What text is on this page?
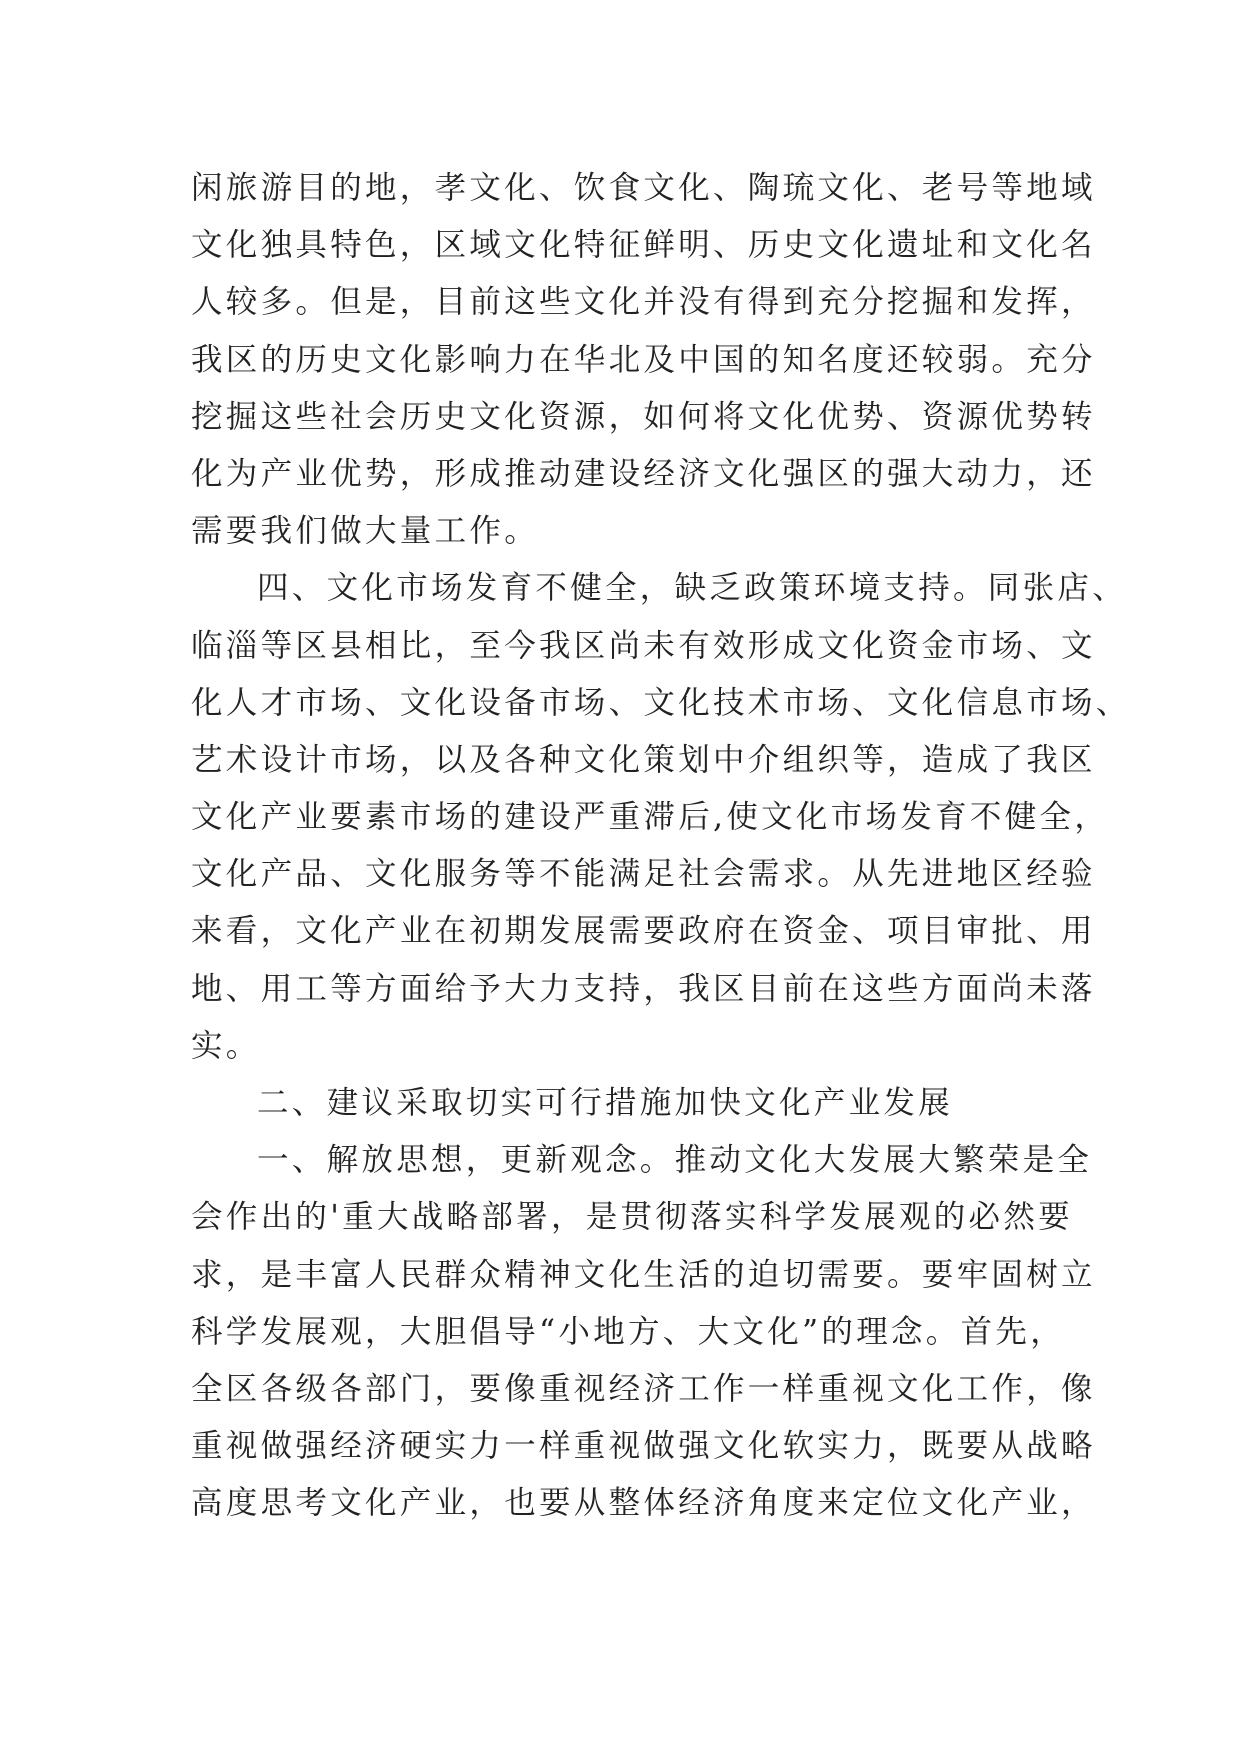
闲旅游目的地，孝文化、饮食文化、陶琉文化、老号等地域
文化独具特色，区域文化特征鲜明、历史文化遗址和文化名
人较多。但是，目前这些文化并没有得到充分挖掘和发挥，
我区的历史文化影响力在华北及中国的知名度还较弱。充分
挖掘这些社会历史文化资源，如何将文化优势、资源优势转
化为产业优势，形成推动建设经济文化强区的强大动力，还
需要我们做大量工作。
四、文化市场发育不健全，缺乏政策环境支持。同张店、
临淄等区县相比，至今我区尚未有效形成文化资金市场、文
化人才市场、文化设备市场、文化技术市场、文化信息市场、
艺术设计市场，以及各种文化策划中介组织等，造成了我区
文化产业要素市场的建设严重滞后,使文化市场发育不健全，
文化产品、文化服务等不能满足社会需求。从先进地区经验
来看，文化产业在初期发展需要政府在资金、项目审批、用
地、用工等方面给予大力支持，我区目前在这些方面尚未落
实。
二、建议采取切实可行措施加快文化产业发展
一、解放思想，更新观念。推动文化大发展大繁荣是全
会作出的'重大战略部署，是贯彻落实科学发展观的必然要
求，是丰富人民群众精神文化生活的迫切需要。要牢固树立
科学发展观，大胆倡导“小地方、大文化”的理念。首先，
全区各级各部门，要像重视经济工作一样重视文化工作，像
重视做强经济硬实力一样重视做强文化软实力，既要从战略
高度思考文化产业，也要从整体经济角度来定位文化产业，
